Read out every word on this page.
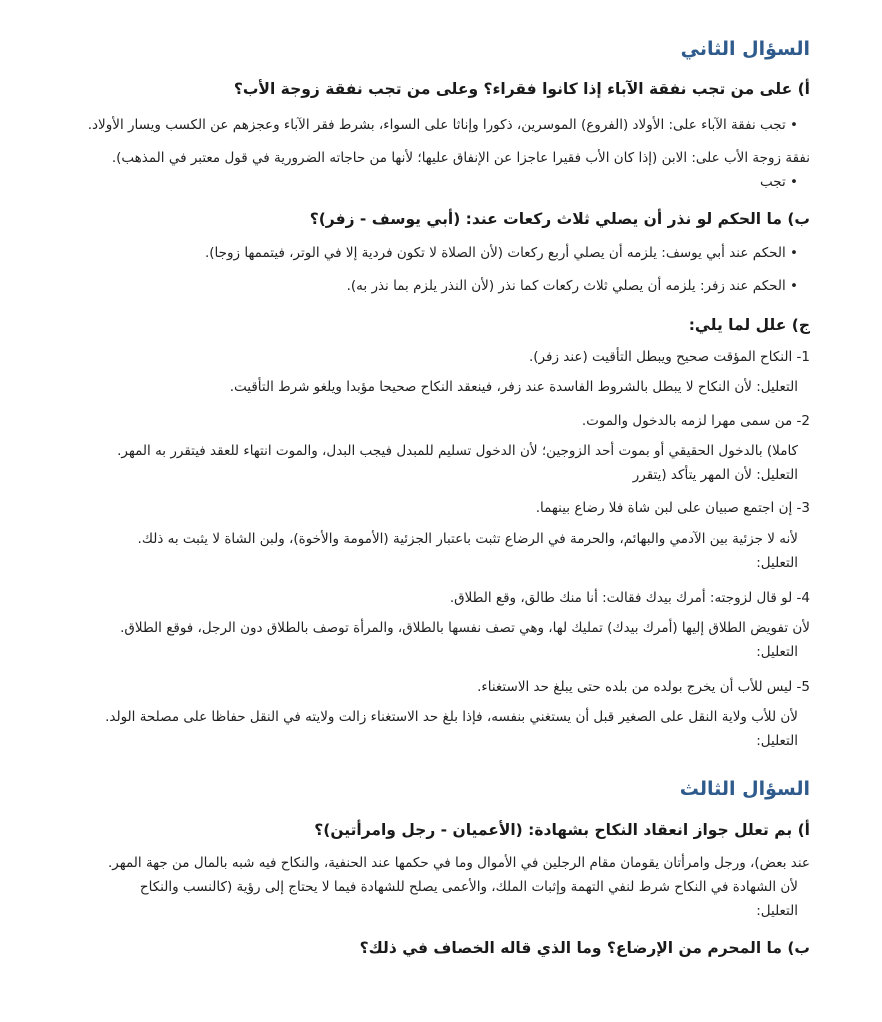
السؤال الثاني
أ) على من تجب نفقة الآباء إذا كانوا فقراء؟ وعلى من تجب نفقة زوجة الأب؟
• تجب نفقة الآباء على: الأولاد (الفروع) الموسرين، ذكورا وإناثا على السواء، بشرط فقر الآباء وعجزهم عن الكسب ويسار الأولاد.
نفقة زوجة الأب على: الابن (إذا كان الأب فقيرا عاجزا عن الإنفاق عليها؛ لأنها من حاجاته الضرورية في قول معتبر في المذهب).
• تجب
ب) ما الحكم لو نذر أن يصلي ثلاث ركعات عند: (أبي يوسف - زفر)؟
• الحكم عند أبي يوسف: يلزمه أن يصلي أربع ركعات (لأن الصلاة لا تكون فردية إلا في الوتر، فيتممها زوجا).
• الحكم عند زفر: يلزمه أن يصلي ثلاث ركعات كما نذر (لأن النذر يلزم بما نذر به).
ج) علل لما يلي:
1- النكاح المؤقت صحيح ويبطل التأقيت (عند زفر).
التعليل: لأن النكاح لا يبطل بالشروط الفاسدة عند زفر، فينعقد النكاح صحيحا مؤبدا ويلغو شرط التأقيت.
2- من سمى مهرا لزمه بالدخول والموت.
كاملا) بالدخول الحقيقي أو بموت أحد الزوجين؛ لأن الدخول تسليم للمبدل فيجب البدل، والموت انتهاء للعقد فيتقرر به المهر.
التعليل: لأن المهر يتأكد (يتقرر
3- إن اجتمع صبيان على لبن شاة فلا رضاع بينهما.
لأنه لا جزئية بين الآدمي والبهائم، والحرمة في الرضاع تثبت باعتبار الجزئية (الأمومة والأخوة)، ولبن الشاة لا يثبت به ذلك.
التعليل:
4- لو قال لزوجته: أمرك بيدك فقالت: أنا منك طالق، وقع الطلاق.
لأن تفويض الطلاق إليها (أمرك بيدك) تمليك لها، وهي تصف نفسها بالطلاق، والمرأة توصف بالطلاق دون الرجل، فوقع الطلاق.
التعليل:
5- ليس للأب أن يخرج بولده من بلده حتى يبلغ حد الاستغناء.
لأن للأب ولاية النقل على الصغير قبل أن يستغني بنفسه، فإذا بلغ حد الاستغناء زالت ولايته في النقل حفاظا على مصلحة الولد.
التعليل:
السؤال الثالث
أ) بم تعلل جواز انعقاد النكاح بشهادة: (الأعميان - رجل وامرأتين)؟
عند بعض)، ورجل وامرأتان يقومان مقام الرجلين في الأموال وما في حكمها عند الحنفية، والنكاح فيه شبه بالمال من جهة المهر.
لأن الشهادة في النكاح شرط لنفي التهمة وإثبات الملك، والأعمى يصلح للشهادة فيما لا يحتاج إلى رؤية (كالنسب والنكاح
التعليل:
ب) ما المحرم من الإرضاع؟ وما الذي قاله الخصاف في ذلك؟
